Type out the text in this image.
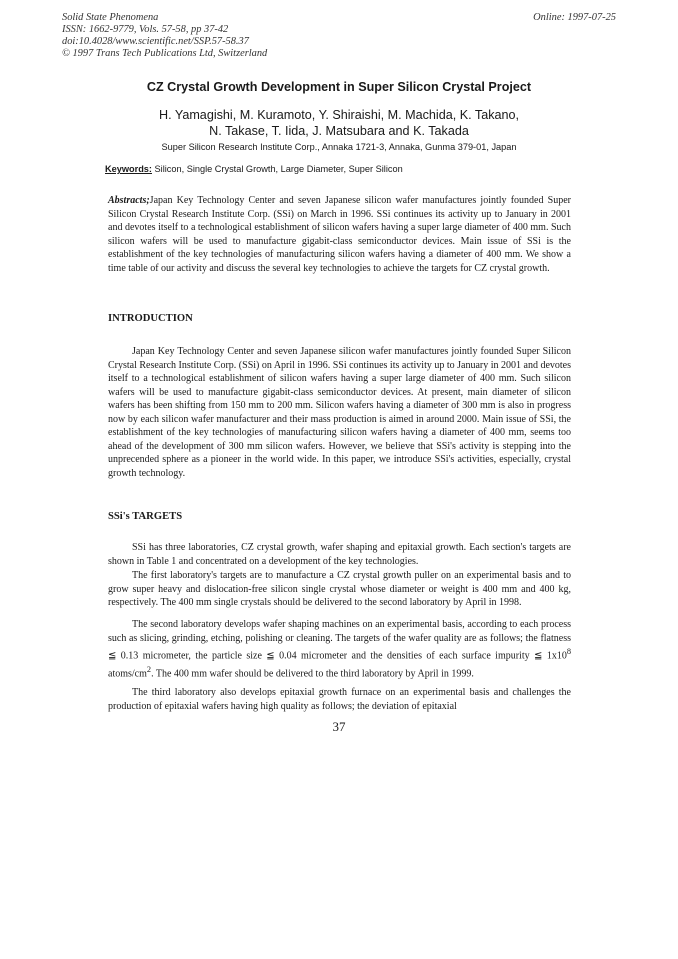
Solid State Phenomena
ISSN: 1662-9779, Vols. 57-58, pp 37-42
doi:10.4028/www.scientific.net/SSP.57-58.37
© 1997 Trans Tech Publications Ltd, Switzerland
Online: 1997-07-25
CZ Crystal Growth Development in Super Silicon Crystal Project
H. Yamagishi, M. Kuramoto, Y. Shiraishi, M. Machida, K. Takano,
N. Takase, T. Iida, J. Matsubara and K. Takada
Super Silicon Research Institute Corp., Annaka 1721-3, Annaka, Gunma 379-01, Japan
Keywords: Silicon, Single Crystal Growth, Large Diameter, Super Silicon

Abstracts;Japan Key Technology Center and seven Japanese silicon wafer manufactures jointly founded Super Silicon Crystal Research Institute Corp. (SSi) on March in 1996. SSi continues its activity up to January in 2001 and devotes itself to a technological establishment of silicon wafers having a super large diameter of 400 mm. Such silicon wafers will be used to manufacture gigabit-class semiconductor devices. Main issue of SSi is the establishment of the key technologies of manufacturing silicon wafers having a diameter of 400 mm. We show a time table of our activity and discuss the several key technologies to achieve the targets for CZ crystal growth.

INTRODUCTION

Japan Key Technology Center and seven Japanese silicon wafer manufactures jointly founded Super Silicon Crystal Research Institute Corp. (SSi) on April in 1996. SSi continues its activity up to January in 2001 and devotes itself to a technological establishment of silicon wafers having a super large diameter of 400 mm. Such silicon wafers will be used to manufacture gigabit-class semiconductor devices. At present, main diameter of silicon wafers has been shifting from 150 mm to 200 mm. Silicon wafers having a diameter of 300 mm is also in progress now by each silicon wafer manufacturer and their mass production is aimed in around 2000. Main issue of SSi, the establishment of the key technologies of manufacturing silicon wafers having a diameter of 400 mm, seems too ahead of the development of 300 mm silicon wafers. However, we believe that SSi's activity is stepping into the unprecended sphere as a pioneer in the world wide. In this paper, we introduce SSi's activities, especially, crystal growth technology.

SSi's TARGETS

SSi has three laboratories, CZ crystal growth, wafer shaping and epitaxial growth. Each section's targets are shown in Table 1 and concentrated on a development of the key technologies.

The first laboratory's targets are to manufacture a CZ crystal growth puller on an experimental basis and to grow super heavy and dislocation-free silicon single crystal whose diameter or weight is 400 mm and 400 kg, respectively. The 400 mm single crystals should be delivered to the second laboratory by April in 1998.

The second laboratory develops wafer shaping machines on an experimental basis, according to each process such as slicing, grinding, etching, polishing or cleaning. The targets of the wafer quality are as follows; the flatness ≦ 0.13 micrometer, the particle size ≦ 0.04 micrometer and the densities of each surface impurity ≦ $1x10^8$ atoms/$cm^2$. The 400 mm wafer should be delivered to the third laboratory by April in 1999.

The third laboratory also develops epitaxial growth furnace on an experimental basis and challenges the production of epitaxial wafers having high quality as follows; the deviation of epitaxial

37
